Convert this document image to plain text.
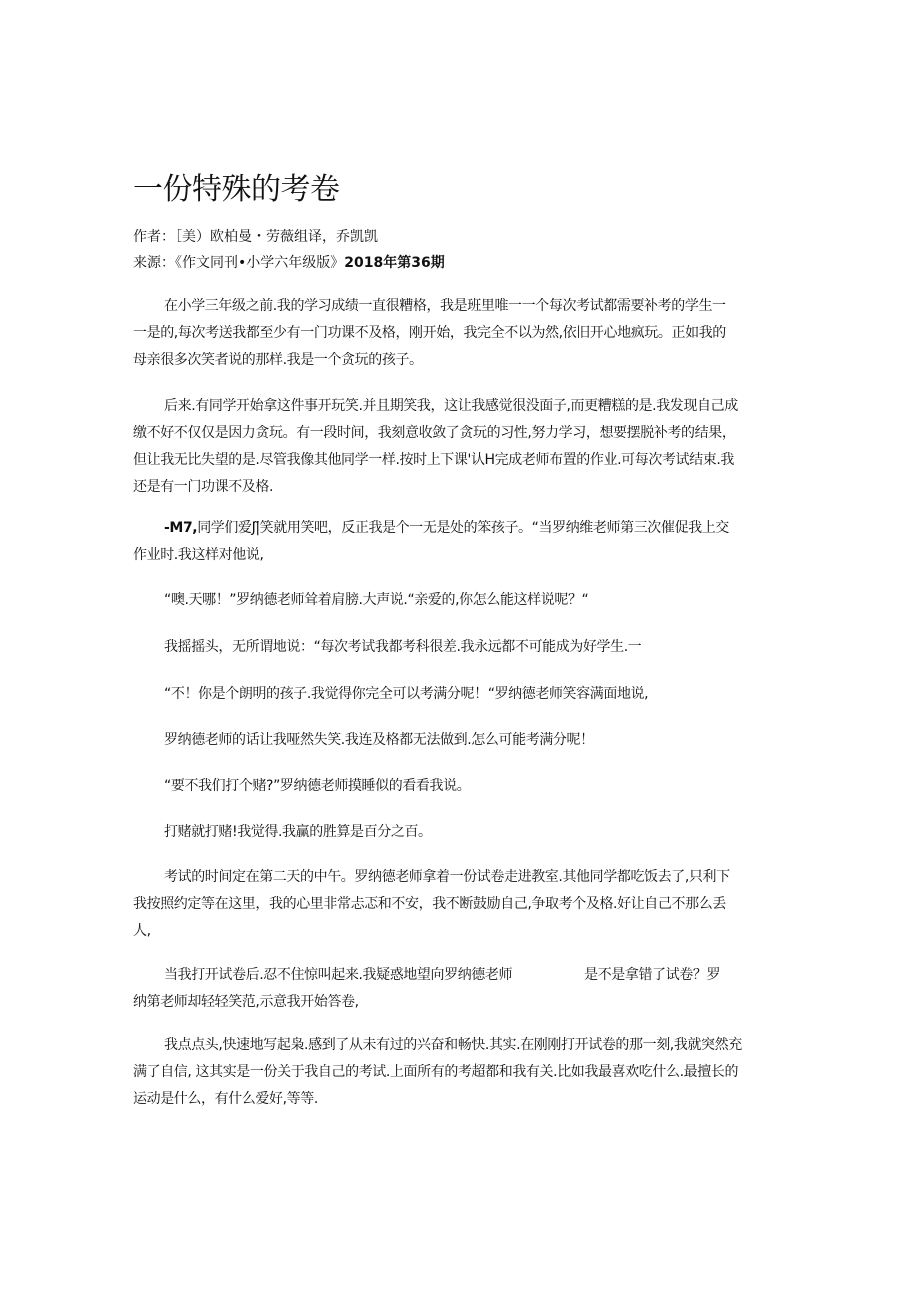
一份特殊的考卷
作者：［美）欧柏曼・劳薇组译，乔凯凯
来源：《作文同刊•小学六年级版》2018年第36期
在小学三年级之前.我的学习成绩一直很糟格，我是班里唯一一个每次考试都需要补考的学生一
一是的,每次考送我都至少有一门功课不及格，刚开始，我完全不以为然,依旧开心地疯玩。正如我的
母亲很多次笑者说的那样.我是一个贪玩的孩子。
后来.有同学开始拿这件事开玩笑.并且期笑我，这让我感觉很没面子,而更糟糕的是.我发现自己成
缴不好不仅仅是因力贪玩。有一段时间，我刻意收敛了贪玩的习性,努力学习，想要摆脱补考的结果，
但让我无比失望的是.尽管我像其他同学一样.按时上下课'认H完成老师布置的作业.可每次考试结束.我
还是有一门功课不及格.
-M7,同学们爱J|̃笑就用笑吧，反正我是个一无是处的笨孩子。“当罗纳维老师第三次催促我上交
作业时.我这样对他说,
“噢.天哪！”罗纳德老师耸着肩膀.大声说.“亲爱的,你怎么能这样说呢？“
我摇摇头，无所谓地说：“每次考试我都考科很差.我永远都不可能成为好学生.一
“不！你是个朗明的孩子.我觉得你完全可以考满分呢！“罗纳德老师笑容满面地说,
罗纳德老师的话让我哑然失笑.我连及格都无法做到.怎么可能考满分呢！
“要不我们打个赌?”罗纳德老师摸睡似的看看我说。
打赌就打赌!我觉得.我赢的胜算是百分之百。
考试的时间定在第二天的中午。罗纳德老师拿着一份试卷走进教室.其他同学都吃饭去了,只利下
我按照约定等在这里，我的心里非常忐忑和不安，我不断鼓励自己,争取考个及格.好让自己不那么丢
人,
当我打开试卷后.忍不住惊叫起来.我疑惑地望向罗纳德老师	是不是拿错了试卷？罗
纳第老师却轻轻笑范,示意我开始答卷,
我点点头,快速地写起枭.感到了从未有过的兴奋和畅快.其实.在刚刚打开试卷的那一刻,我就突然充
满了自信, 这其实是一份关于我自己的考试.上面所有的考超都和我有关.比如我最喜欢吃什么.最擅长的
运动是什么，有什么爱好,等等.
